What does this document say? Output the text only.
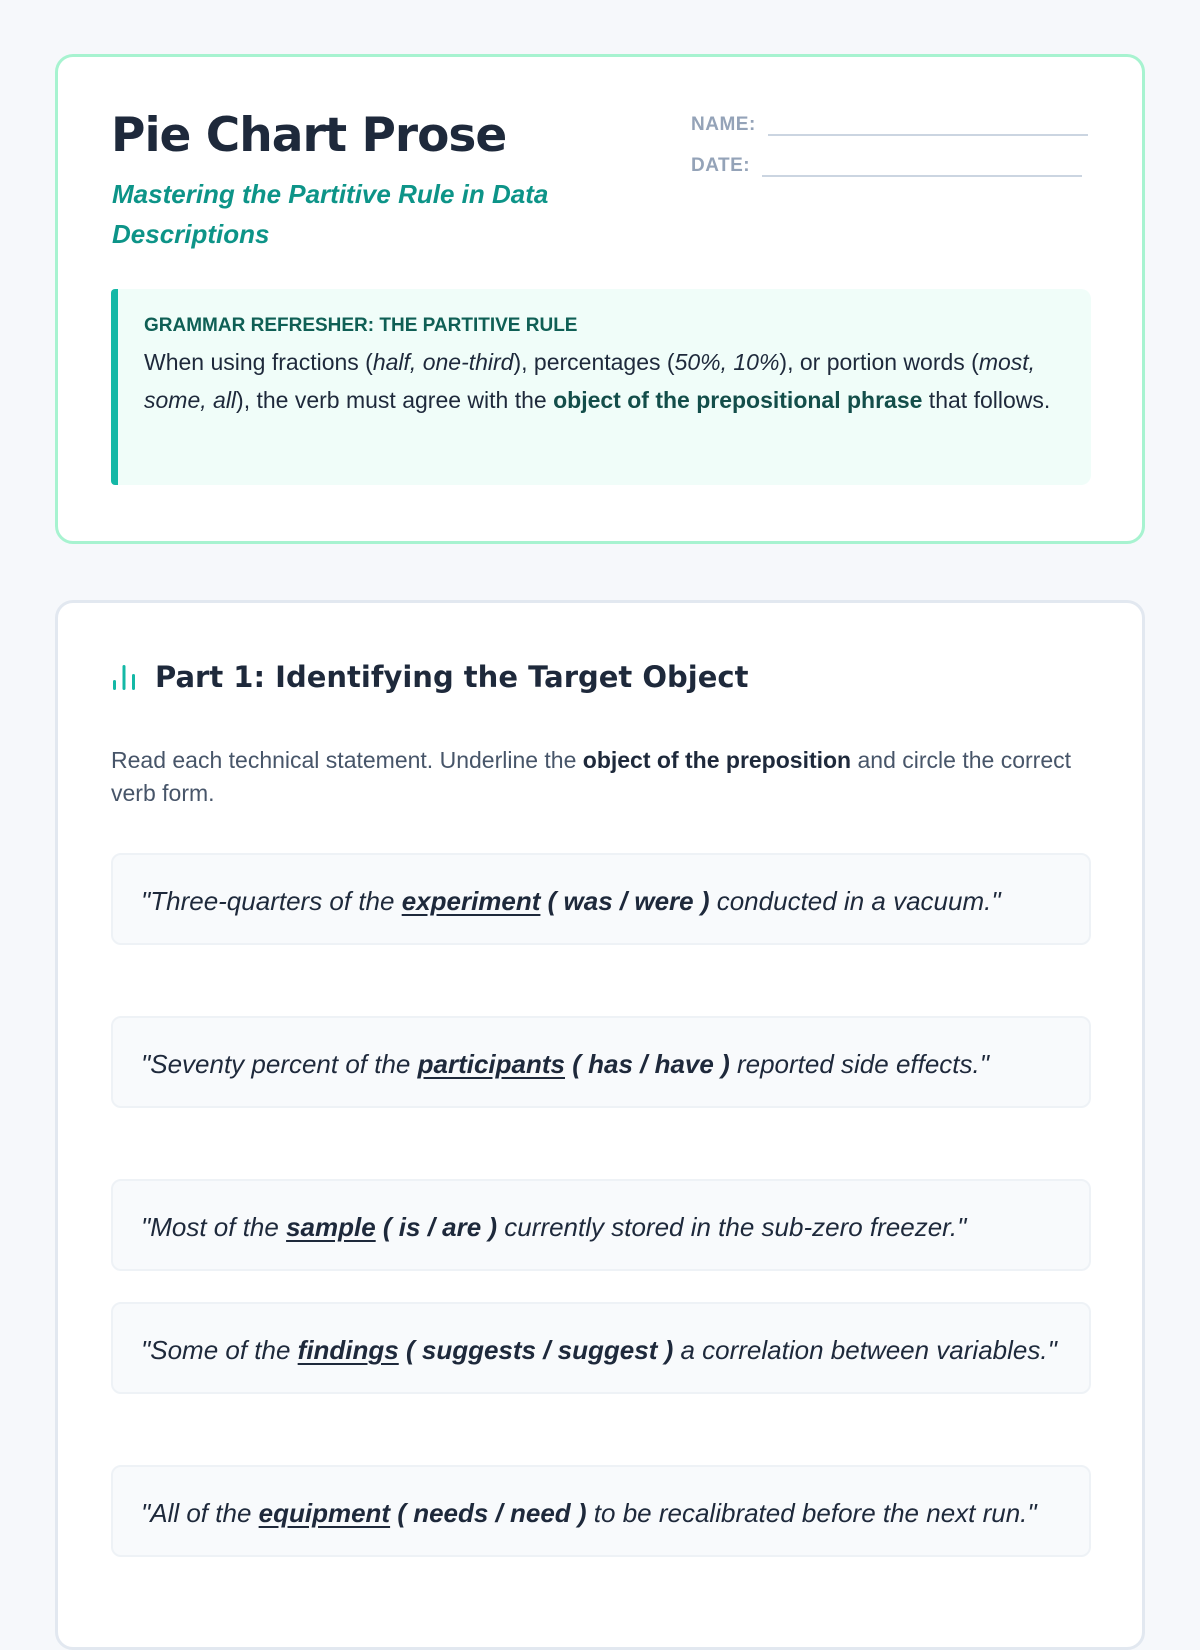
Pie Chart Prose

Mastering the Partitive Rule in Data Descriptions

NAME:
DATE:

GRAMMAR REFRESHER: THE PARTITIVE RULE

When using fractions (half, one-third), percentages (50%, 10%), or portion words (most, some, all), the verb must agree with the object of the prepositional phrase that follows.

Part 1: Identifying the Target Object

Read each technical statement. Underline the object of the preposition and circle the correct verb form.

"Three-quarters of the experiment ( was / were ) conducted in a vacuum."
"Seventy percent of the participants ( has / have ) reported side effects."
"Most of the sample ( is / are ) currently stored in the sub-zero freezer."
"Some of the findings ( suggests / suggest ) a correlation between variables."
"All of the equipment ( needs / need ) to be recalibrated before the next run."
